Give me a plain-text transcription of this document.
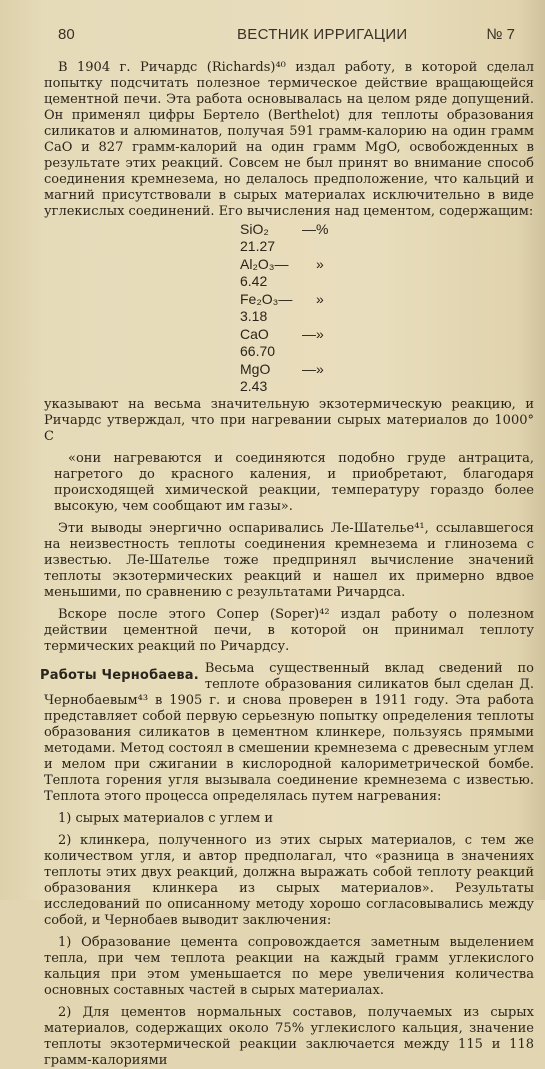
80	ВЕСТНИК ИРРИГАЦИИ	№ 7

В 1904 г. Ричардс (Richards)⁴⁰ издал работу, в которой сделал попытку подсчитать полезное термическое действие вращающейся цементной печи. Эта работа основывалась на целом ряде допущений. Он применял цифры Бертело (Berthelot) для теплоты образования силикатов и алюминатов, получая 591 грамм-калорию на один грамм CaO и 827 грамм-калорий на один грамм MgO, освобожденных в результате этих реакций. Совсем не был принят во внимание способ соединения кремнезема, но делалось предположение, что кальций и магний присутствовали в сырых материалах исключительно в виде углекислых соединений. Его вычисления над цементом, содержащим:

SiO₂ —21.27
%
Al₂O₃— 6.42
»
Fe₂O₃— 3.18
»
CaO —66.70
»
MgO — 2.43
»

указывают на весьма значительную экзотермическую реакцию, и Ричардс утверждал, что при нагревании сырых материалов до 1000° С

«они нагреваются и соединяются подобно груде антрацита, нагретого до красного каления, и приобретают, благодаря происходящей химической реакции, температуру гораздо более высокую, чем сообщают им газы».

Эти выводы энергично оспаривались Ле-Шателье⁴¹, ссылавшегося на неизвестность теплоты соединения кремнезема и глинозема с известью. Ле-Шателье тоже предпринял вычисление значений теплоты экзотермических реакций и нашел их примерно вдвое меньшими, по сравнению с результатами Ричардса.

Вскоре после этого Сопер (Soper)⁴² издал работу о полезном действии цементной печи, в которой он принимал теплоту термических реакций по Ричардсу.

Работы Чернобаева. Весьма существенный вклад сведений по теплоте образования силикатов был сделан Д. Чернобаевым⁴³ в 1905 г. и снова проверен в 1911 году. Эта работа представляет собой первую серьезную попытку определения теплоты образования силикатов в цементном клинкере, пользуясь прямыми методами. Метод состоял в смешении кремнезема с древесным углем и мелом при сжигании в кислородной калориметрической бомбе. Теплота горения угля вызывала соединение кремнезема с известью. Теплота этого процесса определялась путем нагревания:

1) сырых материалов с углем и

2) клинкера, полученного из этих сырых материалов, с тем же количеством угля, и автор предполагал, что «разница в значениях теплоты этих двух реакций, должна выражать собой теплоту реакций образования клинкера из сырых материалов». Результаты исследований по описанному методу хорошо согласовывались между собой, и Чернобаев выводит заключения:

1) Образование цемента сопровождается заметным выделением тепла, при чем теплота реакции на каждый грамм углекислого кальция при этом уменьшается по мере увеличения количества основных составных частей в сырых материалах.

2) Для цементов нормальных составов, получаемых из сырых материалов, содержащих около 75% углекислого кальция, значение теплоты экзотермической реакции заключается между 115 и 118 грамм-калориями
